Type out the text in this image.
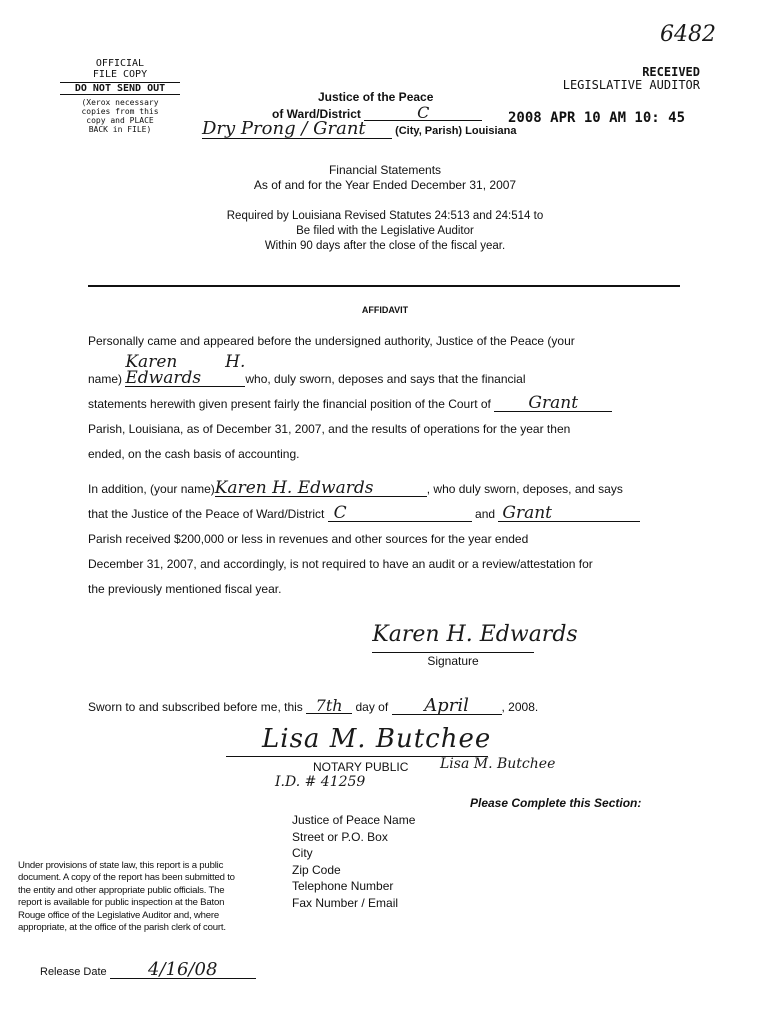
6482
OFFICIAL
FILE COPY
DO NOT SEND OUT
(Xerox necessary
copies from this
copy and PLACE
BACK in FILE)
RECEIVED
LEGISLATIVE AUDITOR
2008 APR 10 AM 10: 45
Justice of the Peace
of Ward/District	C
Dry Prong / Grant	(City, Parish) Louisiana
Financial Statements
As of and for the Year Ended December 31, 2007
Required by Louisiana Revised Statutes 24:513 and 24:514 to
Be filed with the Legislative Auditor
Within 90 days after the close of the fiscal year.
AFFIDAVIT

Personally came and appeared before the undersigned authority, Justice of the Peace (your

name) Karen H. Edwards	who, duly sworn, deposes and says that the financial

statements herewith given present fairly the financial position of the Court of Grant

Parish, Louisiana, as of December 31, 2007, and the results of operations for the year then

ended, on the cash basis of accounting.

In addition, (your name)Karen H. Edwards	, who duly sworn, deposes, and says

that the Justice of the Peace of Ward/District C	and Grant

Parish received $200,000 or less in revenues and other sources for the year ended

December 31, 2007, and accordingly, is not required to have an audit or a review/attestation for

the previously mentioned fiscal year.

Karen H. Edwards
Signature
Sworn to and subscribed before me, this 7th day of April	, 2008.
Lisa M. Butchee
NOTARY PUBLIC Lisa M. Butchee
I.D. # 41259
Please Complete this Section:
Justice of Peace Name
Street or P.O. Box
City
Zip Code
Telephone Number
Fax Number / Email
Under provisions of state law, this report is a public
document. A copy of the report has been submitted to
the entity and other appropriate public officials. The
report is available for public inspection at the Baton
Rouge office of the Legislative Auditor and, where
appropriate, at the office of the parish clerk of court.
Release Date 4/16/08
